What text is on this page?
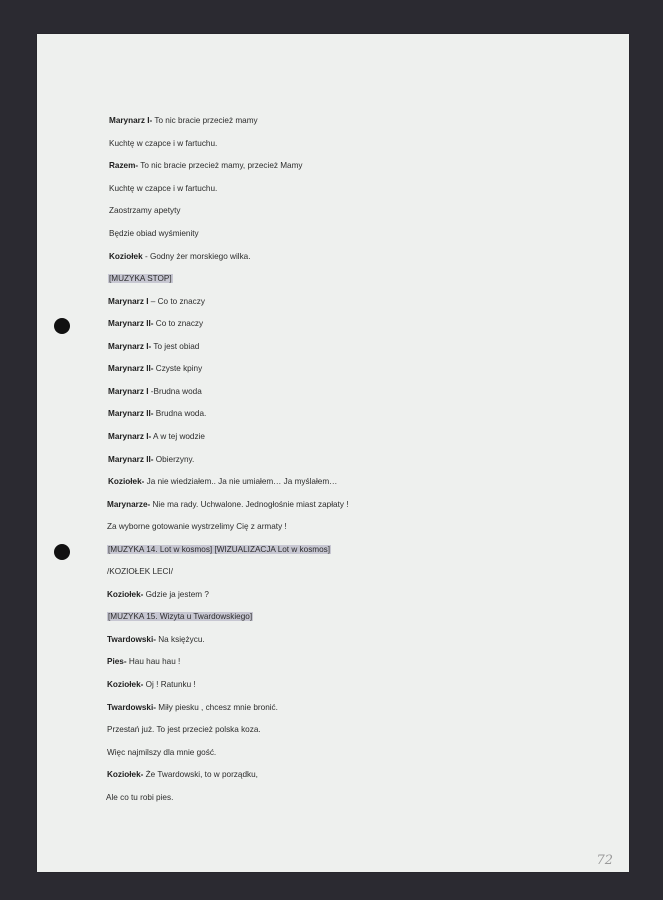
Marynarz I- To nic bracie przecież mamy
Kuchtę w czapce i w fartuchu.
Razem- To nic bracie przecież mamy, przecież Mamy
Kuchtę w czapce i w fartuchu.
Zaostrzamy apetyty
Będzie obiad wyśmienity
Koziołek - Godny żer morskiego wilka.
[MUZYKA STOP]
Marynarz I – Co to znaczy
Marynarz II- Co to znaczy
Marynarz I- To jest obiad
Marynarz II- Czyste kpiny
Marynarz I -Brudna woda
Marynarz II- Brudna woda.
Marynarz I- A w tej wodzie
Marynarz II- Obierzyny.
Koziołek- Ja nie wiedziałem.. Ja nie umiałem… Ja myślałem…
Marynarze- Nie ma rady. Uchwalone. Jednogłośnie miast zapłaty !
Za wyborne gotowanie wystrzelimy Cię z armaty !
[MUZYKA 14. Lot w kosmos] [WIZUALIZACJA Lot w kosmos]
/KOZIOŁEK LECI/
Koziołek- Gdzie ja jestem ?
[MUZYKA 15. Wizyta u Twardowskiego]
Twardowski- Na księżycu.
Pies- Hau hau hau !
Koziołek- Oj ! Ratunku !
Twardowski- Miły piesku , chcesz mnie bronić.
Przestań już. To jest przecież polska koza.
Więc najmilszy dla mnie gość.
Koziołek- Że Twardowski, to w porządku,
Ale co tu robi pies.
72
